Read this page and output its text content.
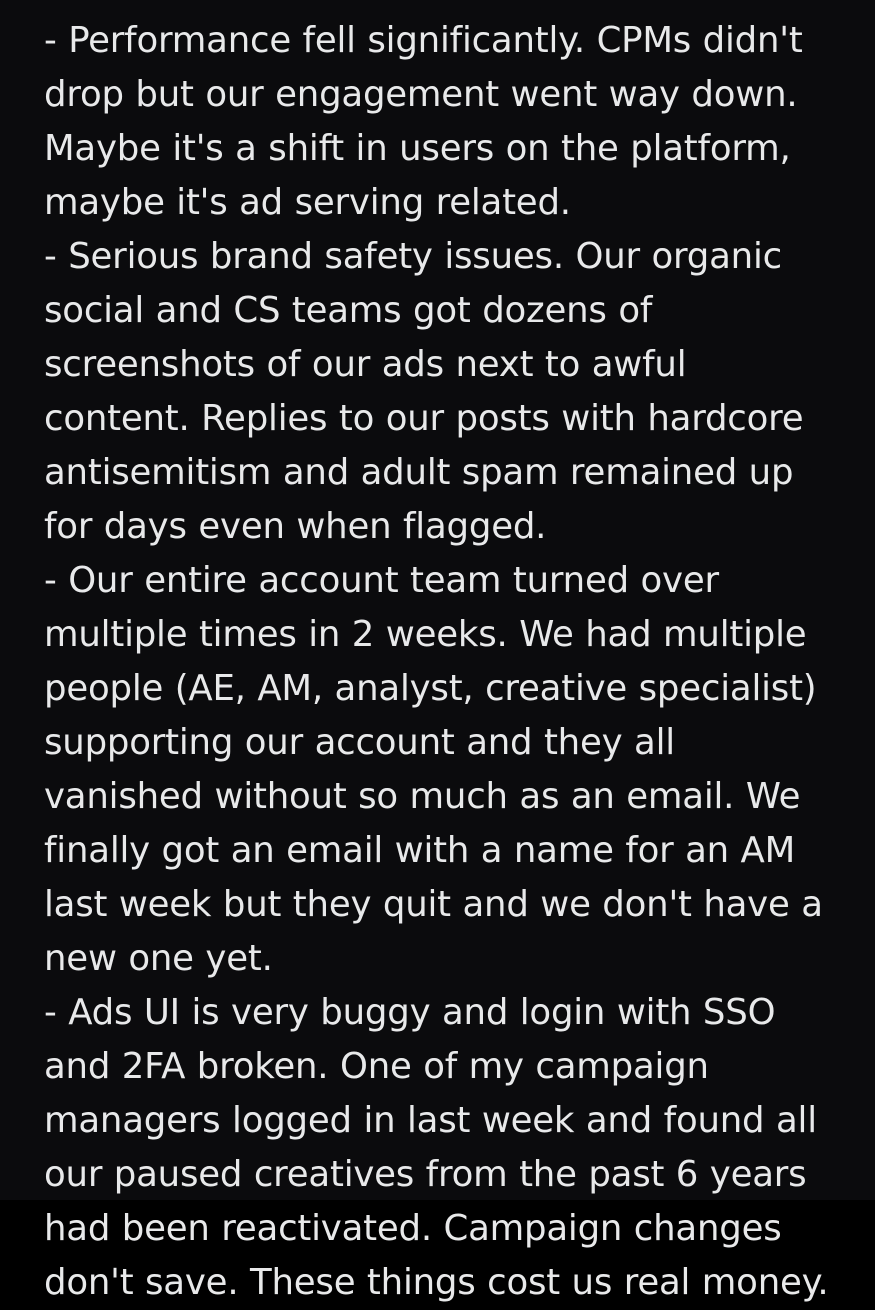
- Performance fell significantly. CPMs didn't drop but our engagement went way down. Maybe it's a shift in users on the platform, maybe it's ad serving related.

- Serious brand safety issues. Our organic social and CS teams got dozens of screenshots of our ads next to awful content. Replies to our posts with hardcore antisemitism and adult spam remained up for days even when flagged.

- Our entire account team turned over multiple times in 2 weeks. We had multiple people (AE, AM, analyst, creative specialist) supporting our account and they all vanished without so much as an email. We finally got an email with a name for an AM last week but they quit and we don't have a new one yet.

- Ads UI is very buggy and login with SSO and 2FA broken. One of my campaign managers logged in last week and found all our paused creatives from the past 6 years had been reactivated. Campaign changes don't save. These things cost us real money.
